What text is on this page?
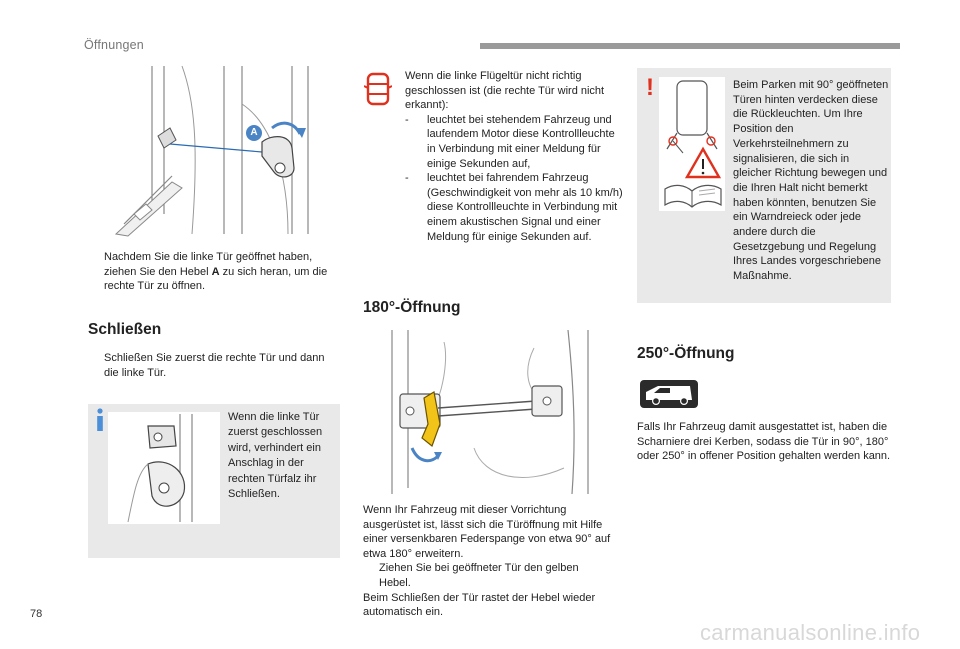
Öffnungen
A
Nachdem Sie die linke Tür geöffnet haben, ziehen Sie den Hebel A zu sich heran, um die rechte Tür zu öffnen.
Schließen
Schließen Sie zuerst die rechte Tür und dann die linke Tür.
Wenn die linke Tür zuerst geschlossen wird, verhindert ein Anschlag in der rechten Türfalz ihr Schließen.
Wenn die linke Flügeltür nicht richtig geschlossen ist (die rechte Tür wird nicht erkannt):
-	leuchtet bei stehendem Fahrzeug und laufendem Motor diese Kontrollleuchte in Verbindung mit einer Meldung für einige Sekunden auf,
-	leuchtet bei fahrendem Fahrzeug (Geschwindigkeit von mehr als 10 km/h) diese Kontrollleuchte in Verbindung mit einem akustischen Signal und einer Meldung für einige Sekunden auf.
180°-Öffnung
Wenn Ihr Fahrzeug mit dieser Vorrichtung ausgerüstet ist, lässt sich die Türöffnung mit Hilfe einer versenkbaren Federspange von etwa 90° auf etwa 180° erweitern.
Ziehen Sie bei geöffneter Tür den gelben Hebel.
Beim Schließen der Tür rastet der Hebel wieder automatisch ein.
!	Beim Parken mit 90° geöffneten Türen hinten verdecken diese die Rückleuchten. Um Ihre Position den Verkehrsteilnehmern zu signalisieren, die sich in gleicher Richtung bewegen und die Ihren Halt nicht bemerkt haben könnten, benutzen Sie ein Warndreieck oder jede andere durch die Gesetzgebung und Regelung Ihres Landes vorgeschriebene Maßnahme.
250°-Öffnung
Falls Ihr Fahrzeug damit ausgestattet ist, haben die Scharniere drei Kerben, sodass die Tür in 90°, 180° oder 250° in offener Position gehalten werden kann.
78
carmanualsonline.info
